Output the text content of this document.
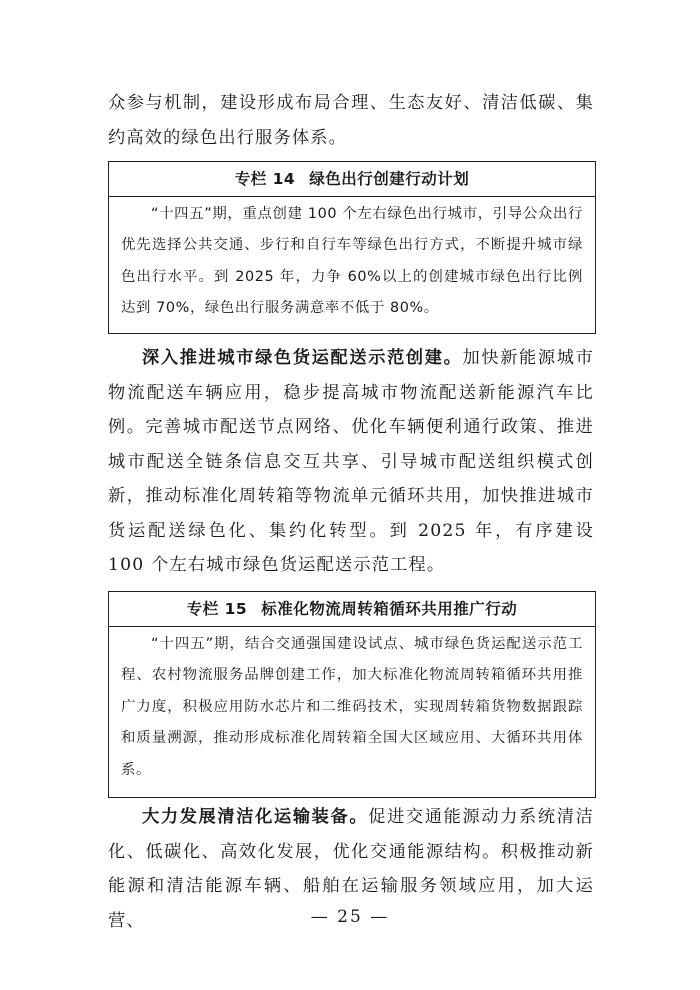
众参与机制，建设形成布局合理、生态友好、清洁低碳、集约高效的绿色出行服务体系。

专栏 14 绿色出行创建行动计划
“十四五”期，重点创建 100 个左右绿色出行城市，引导公众出行优先选择公共交通、步行和自行车等绿色出行方式，不断提升城市绿色出行水平。到 2025 年，力争 60%以上的创建城市绿色出行比例达到 70%，绿色出行服务满意率不低于 80%。

深入推进城市绿色货运配送示范创建。加快新能源城市物流配送车辆应用，稳步提高城市物流配送新能源汽车比例。完善城市配送节点网络、优化车辆便利通行政策、推进城市配送全链条信息交互共享、引导城市配送组织模式创新，推动标准化周转箱等物流单元循环共用，加快推进城市货运配送绿色化、集约化转型。到 2025 年，有序建设 100 个左右城市绿色货运配送示范工程。

专栏 15 标准化物流周转箱循环共用推广行动
“十四五”期，结合交通强国建设试点、城市绿色货运配送示范工程、农村物流服务品牌创建工作，加大标准化物流周转箱循环共用推广力度，积极应用防水芯片和二维码技术，实现周转箱货物数据跟踪和质量溯源，推动形成标准化周转箱全国大区域应用、大循环共用体系。

大力发展清洁化运输装备。促进交通能源动力系统清洁化、低碳化、高效化发展，优化交通能源结构。积极推动新能源和清洁能源车辆、船舶在运输服务领域应用，加大运营、	— 25 —
